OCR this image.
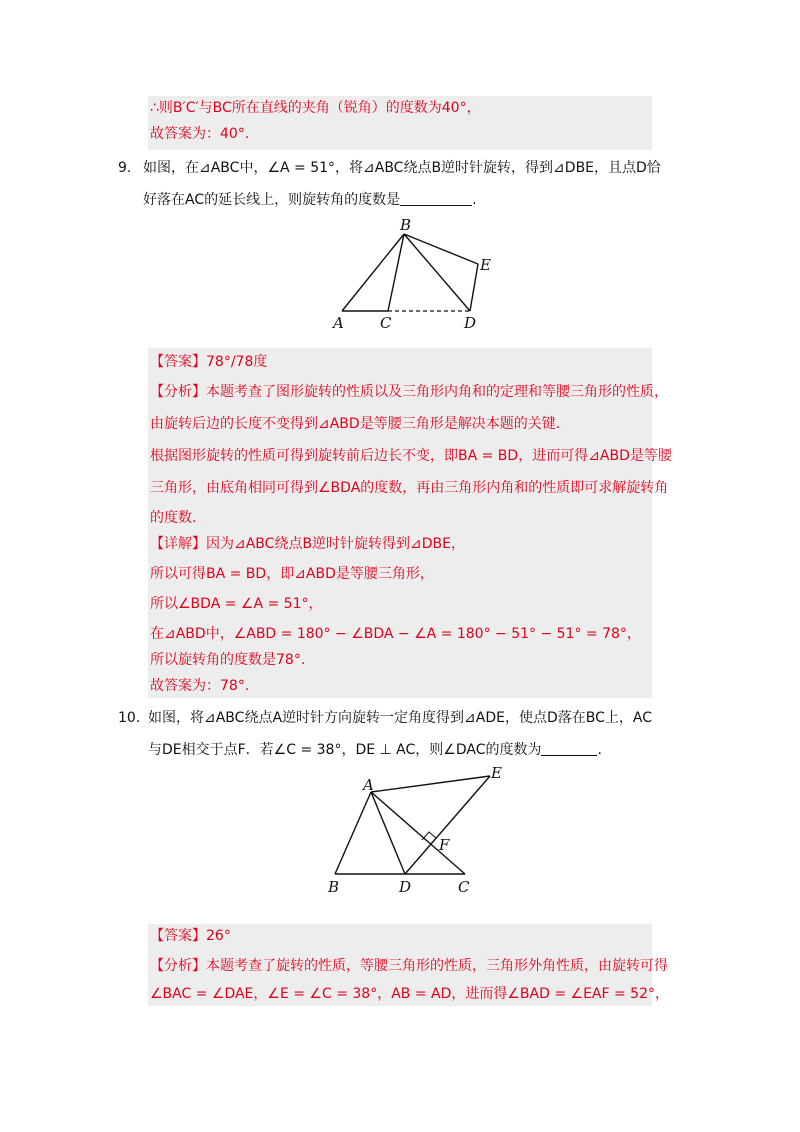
∴则B′C′与BC所在直线的夹角（锐角）的度数为40°，
故答案为：40°.
9. 如图，在⊿ABC中，∠A = 51°，将⊿ABC绕点B逆时针旋转，得到⊿DBE，且点D恰
好落在AC的延长线上，则旋转角的度数是	.
B
E
A C	D
【答案】78°/78度
【分析】本题考查了图形旋转的性质以及三角形内角和的定理和等腰三角形的性质，
由旋转后边的长度不变得到⊿ABD是等腰三角形是解决本题的关键.
根据图形旋转的性质可得到旋转前后边长不变，即BA = BD，进而可得⊿ABD是等腰
三角形，由底角相同可得到∠BDA的度数，再由三角形内角和的性质即可求解旋转角
的度数.
【详解】因为⊿ABC绕点B逆时针旋转得到⊿DBE，
所以可得BA = BD，即⊿ABD是等腰三角形，
所以∠BDA = ∠A = 51°，
在⊿ABD中，∠ABD = 180° − ∠BDA − ∠A = 180° − 51° − 51° = 78°，
所以旋转角的度数是78°.
故答案为：78°.
10. 如图，将⊿ABC绕点A逆时针方向旋转一定角度得到⊿ADE，使点D落在BC上，AC
与DE相交于点F．若∠C = 38°，DE ⊥ AC，则∠DAC的度数为	.
A
E
F
B	D	C
【答案】26°
【分析】本题考查了旋转的性质，等腰三角形的性质，三角形外角性质，由旋转可得
∠BAC = ∠DAE，∠E = ∠C = 38°，AB = AD，进而得∠BAD = ∠EAF = 52°，
